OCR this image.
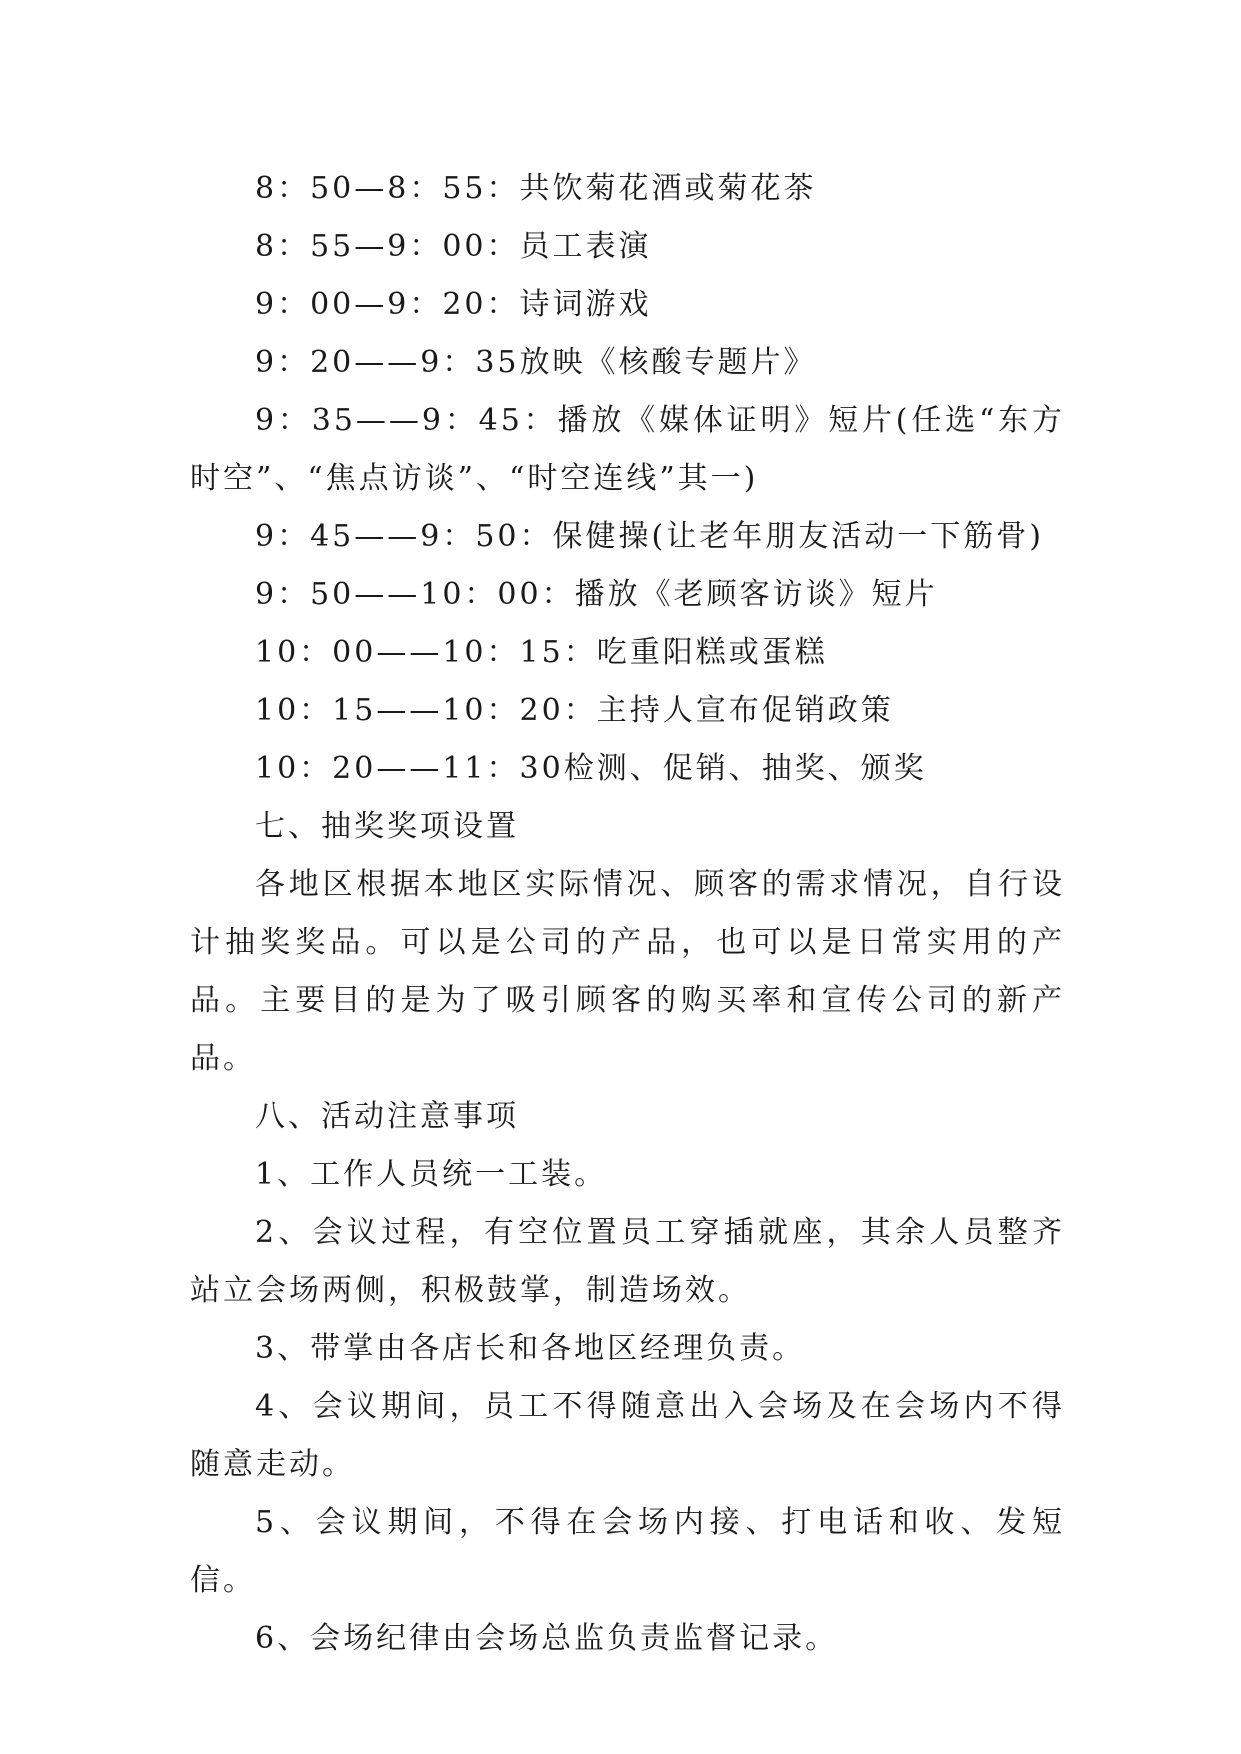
8：50—8：55：共饮菊花酒或菊花茶

8：55—9：00：员工表演

9：00—9：20：诗词游戏

9：20——9：35放映《核酸专题片》

9：35——9：45：播放《媒体证明》短片(任选“东方时空”、“焦点访谈”、“时空连线”其一)

9：45——9：50：保健操(让老年朋友活动一下筋骨)

9：50——10：00：播放《老顾客访谈》短片

10：00——10：15：吃重阳糕或蛋糕

10：15——10：20：主持人宣布促销政策

10：20——11：30检测、促销、抽奖、颁奖

七、抽奖奖项设置

各地区根据本地区实际情况、顾客的需求情况，自行设计抽奖奖品。可以是公司的产品，也可以是日常实用的产品。主要目的是为了吸引顾客的购买率和宣传公司的新产品。

八、活动注意事项

1、工作人员统一工装。

2、会议过程，有空位置员工穿插就座，其余人员整齐站立会场两侧，积极鼓掌，制造场效。

3、带掌由各店长和各地区经理负责。

4、会议期间，员工不得随意出入会场及在会场内不得随意走动。

5、会议期间，不得在会场内接、打电话和收、发短信。

6、会场纪律由会场总监负责监督记录。
